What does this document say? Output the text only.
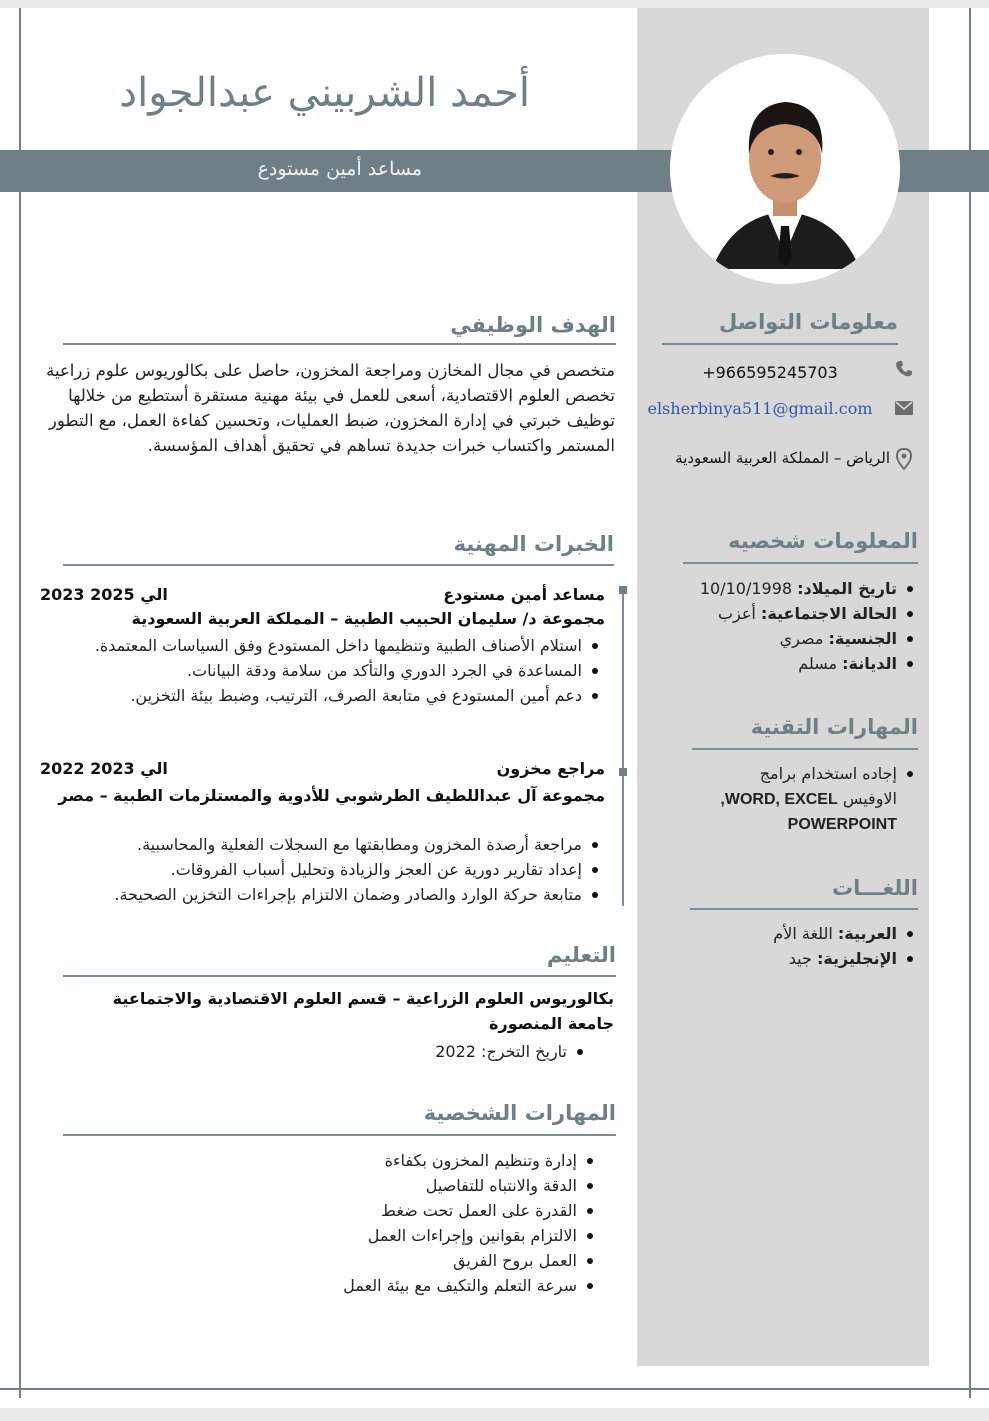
أحمد الشربيني عبدالجواد
مساعد أمين مستودع
معلومات التواصل
+966595245703
elsherbinya511@gmail.com
الرياض – المملكة العربية السعودية
المعلومات شخصيه
تاريخ الميلاد: 10/10/1998
الحالة الاجتماعية: أعزب
الجنسية: مصري
الديانة: مسلم
المهارات التقنية
إجاده استخدام برامج
الاوفيس WORD, EXCEL,
POWERPOINT
اللغـــات
العربية: اللغة الأم
الإنجليزية: جيد
الهدف الوظيفي
متخصص في مجال المخازن ومراجعة المخزون، حاصل على بكالوريوس علوم زراعية تخصص العلوم الاقتصادية، أسعى للعمل في بيئة مهنية مستقرة أستطيع من خلالها توظيف خبرتي في إدارة المخزون، ضبط العمليات، وتحسين كفاءة العمل، مع التطور المستمر واكتساب خبرات جديدة تساهم في تحقيق أهداف المؤسسة.
الخبرات المهنية
مساعد أمين مستودع
2023 الي 2025
مجموعة د/ سليمان الحبيب الطبية – المملكة العربية السعودية
استلام الأصناف الطبية وتنظيمها داخل المستودع وفق السياسات المعتمدة.
المساعدة في الجرد الدوري والتأكد من سلامة ودقة البيانات.
دعم أمين المستودع في متابعة الصرف، الترتيب، وضبط بيئة التخزين.
مراجع مخزون
2022 الي 2023
مجموعة آل عبداللطيف الطرشوبي للأدوية والمستلزمات الطبية – مصر
مراجعة أرصدة المخزون ومطابقتها مع السجلات الفعلية والمحاسبية.
إعداد تقارير دورية عن العجز والزيادة وتحليل أسباب الفروقات.
متابعة حركة الوارد والصادر وضمان الالتزام بإجراءات التخزين الصحيحة.
التعليم
بكالوريوس العلوم الزراعية – قسم العلوم الاقتصادية والاجتماعية
جامعة المنصورة
تاريخ التخرج: 2022
المهارات الشخصية
إدارة وتنظيم المخزون بكفاءة
الدقة والانتباه للتفاصيل
القدرة على العمل تحت ضغط
الالتزام بقوانين وإجراءات العمل
العمل بروح الفريق
سرعة التعلم والتكيف مع بيئة العمل
